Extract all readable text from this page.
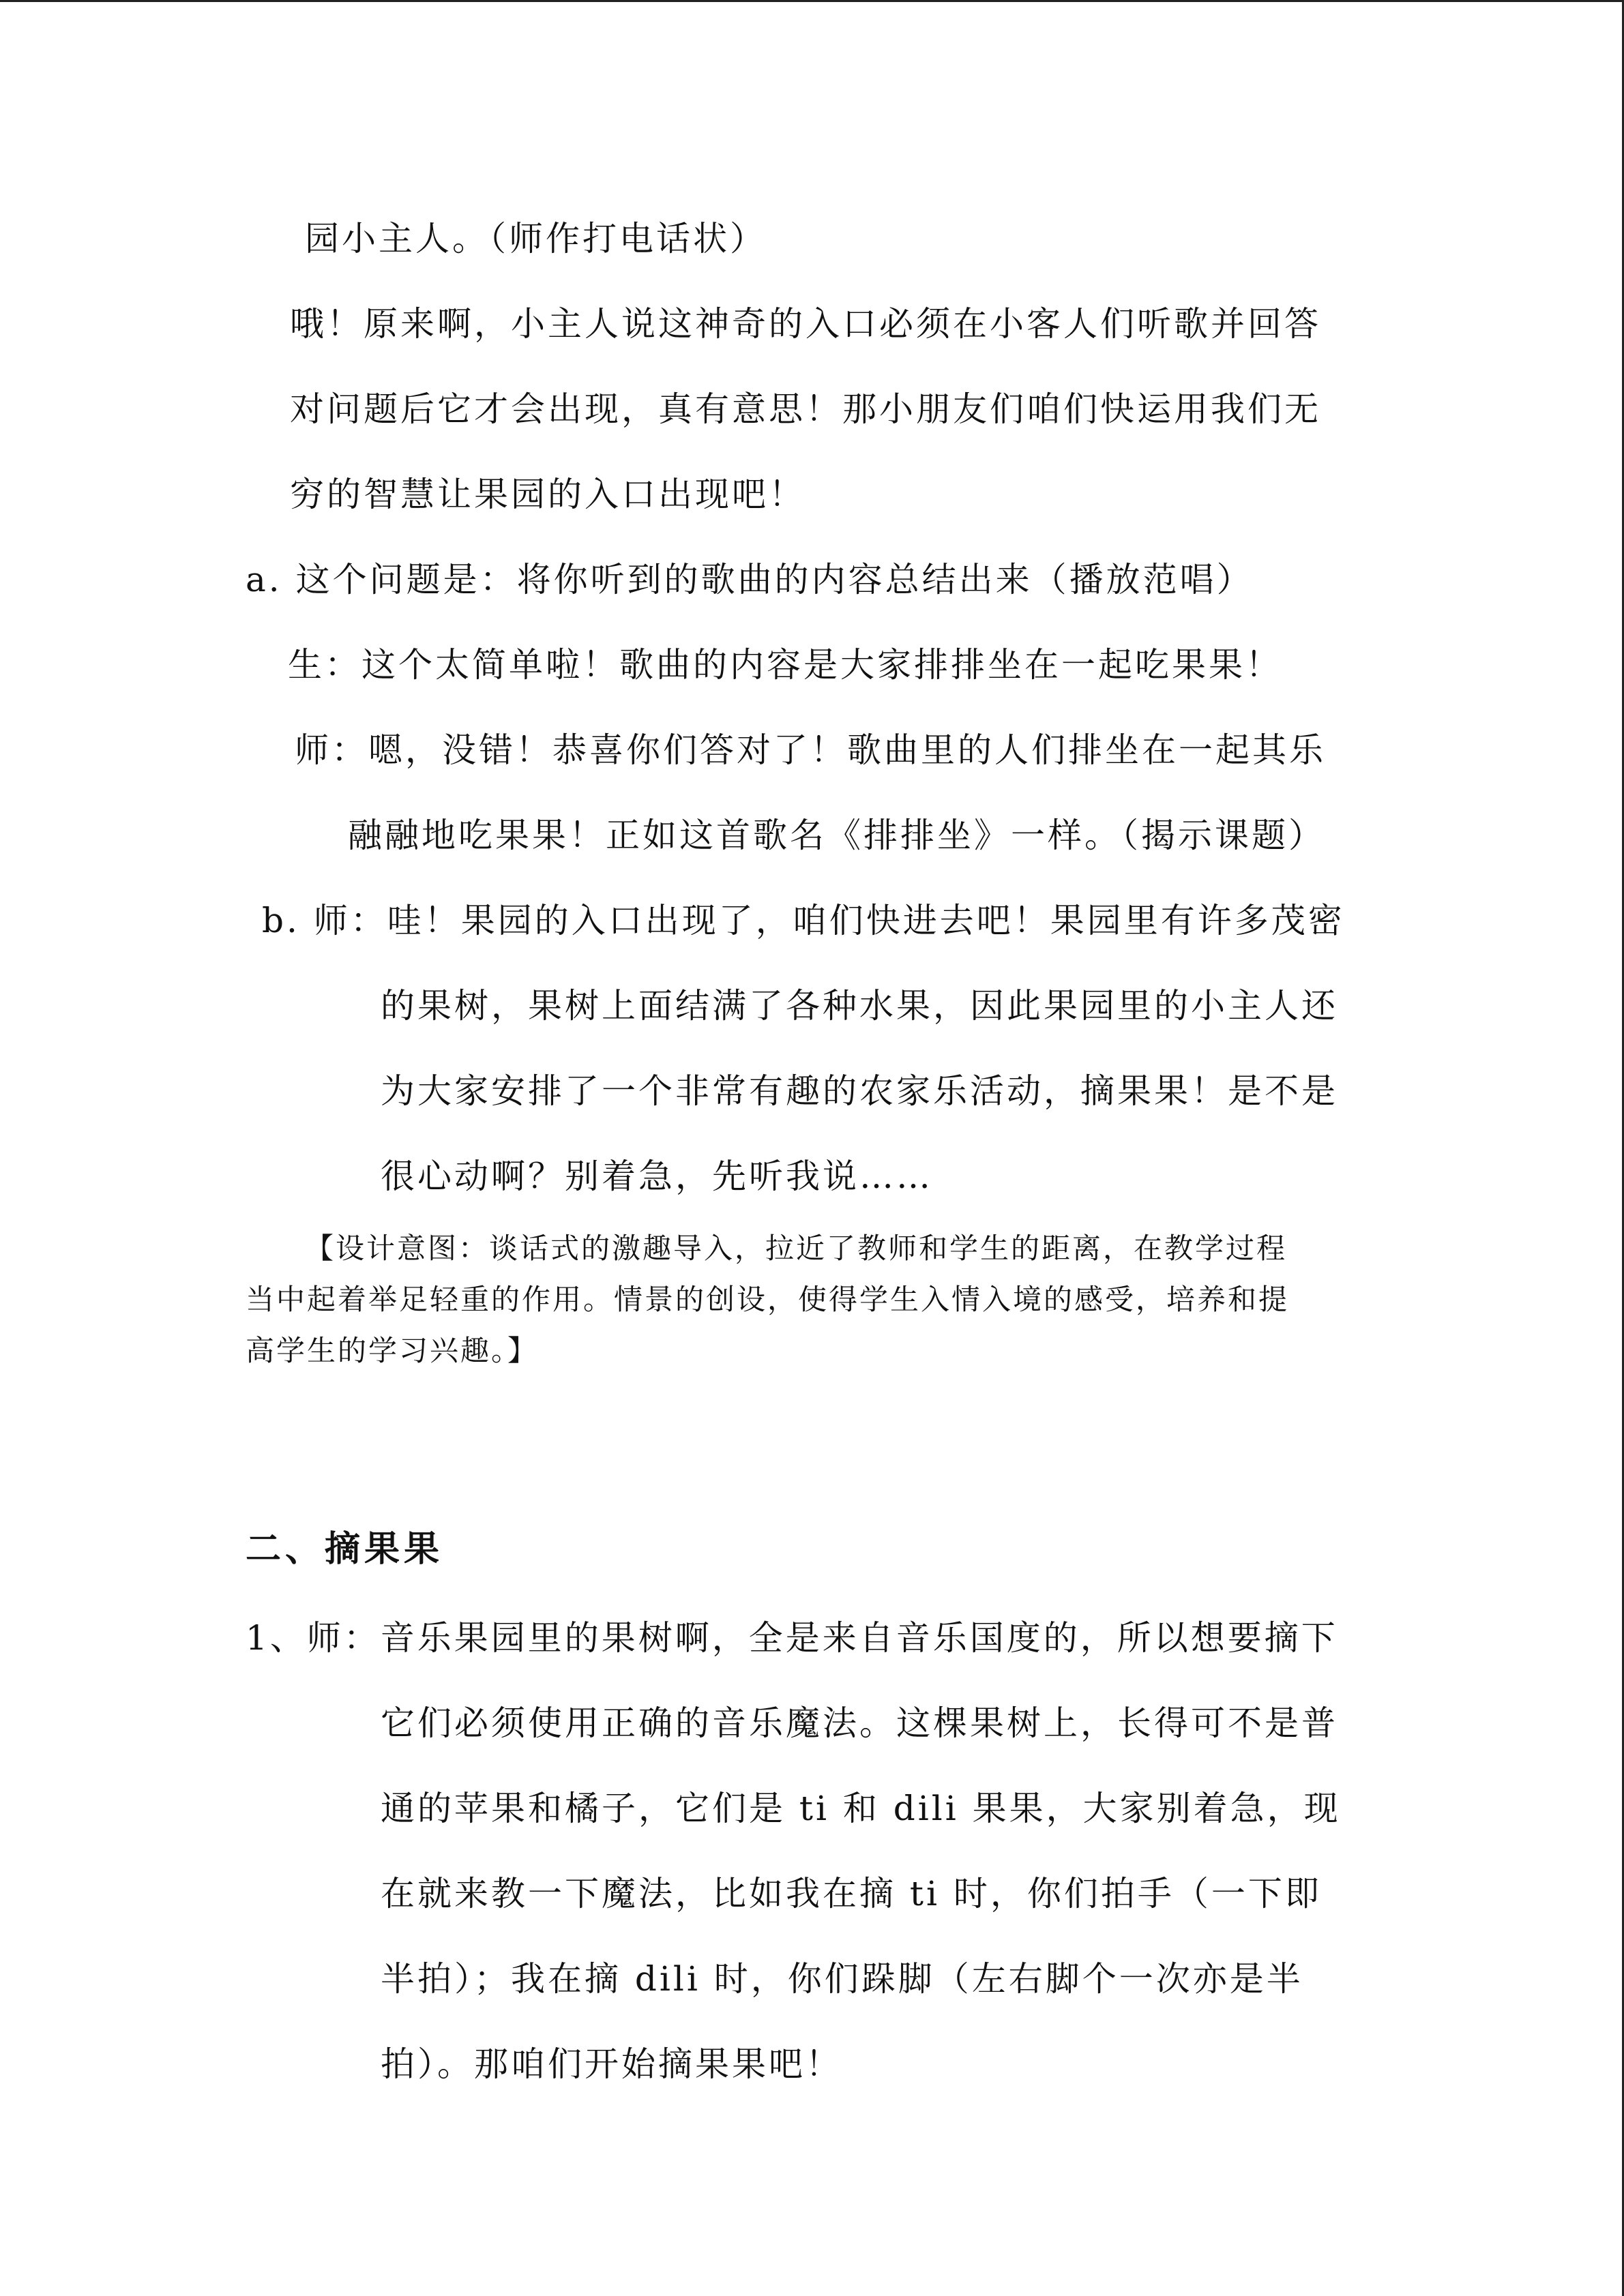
园小主人。（师作打电话状）
哦！原来啊，小主人说这神奇的入口必须在小客人们听歌并回答
对问题后它才会出现，真有意思！那小朋友们咱们快运用我们无
穷的智慧让果园的入口出现吧！
a. 这个问题是：将你听到的歌曲的内容总结出来（播放范唱）
生：这个太简单啦！歌曲的内容是大家排排坐在一起吃果果！
师：嗯，没错！恭喜你们答对了！歌曲里的人们排坐在一起其乐
融融地吃果果！正如这首歌名《排排坐》一样。（揭示课题）
b. 师：哇！果园的入口出现了，咱们快进去吧！果园里有许多茂密
的果树，果树上面结满了各种水果，因此果园里的小主人还
为大家安排了一个非常有趣的农家乐活动，摘果果！是不是
很心动啊？别着急，先听我说……
【设计意图：谈话式的激趣导入，拉近了教师和学生的距离，在教学过程
当中起着举足轻重的作用。情景的创设，使得学生入情入境的感受，培养和提
高学生的学习兴趣。】
二、摘果果
1、师：音乐果园里的果树啊，全是来自音乐国度的，所以想要摘下
它们必须使用正确的音乐魔法。这棵果树上，长得可不是普
通的苹果和橘子，它们是 ti 和 dili 果果，大家别着急，现
在就来教一下魔法，比如我在摘 ti 时，你们拍手（一下即
半拍）；我在摘 dili 时，你们跺脚（左右脚个一次亦是半
拍）。那咱们开始摘果果吧！
